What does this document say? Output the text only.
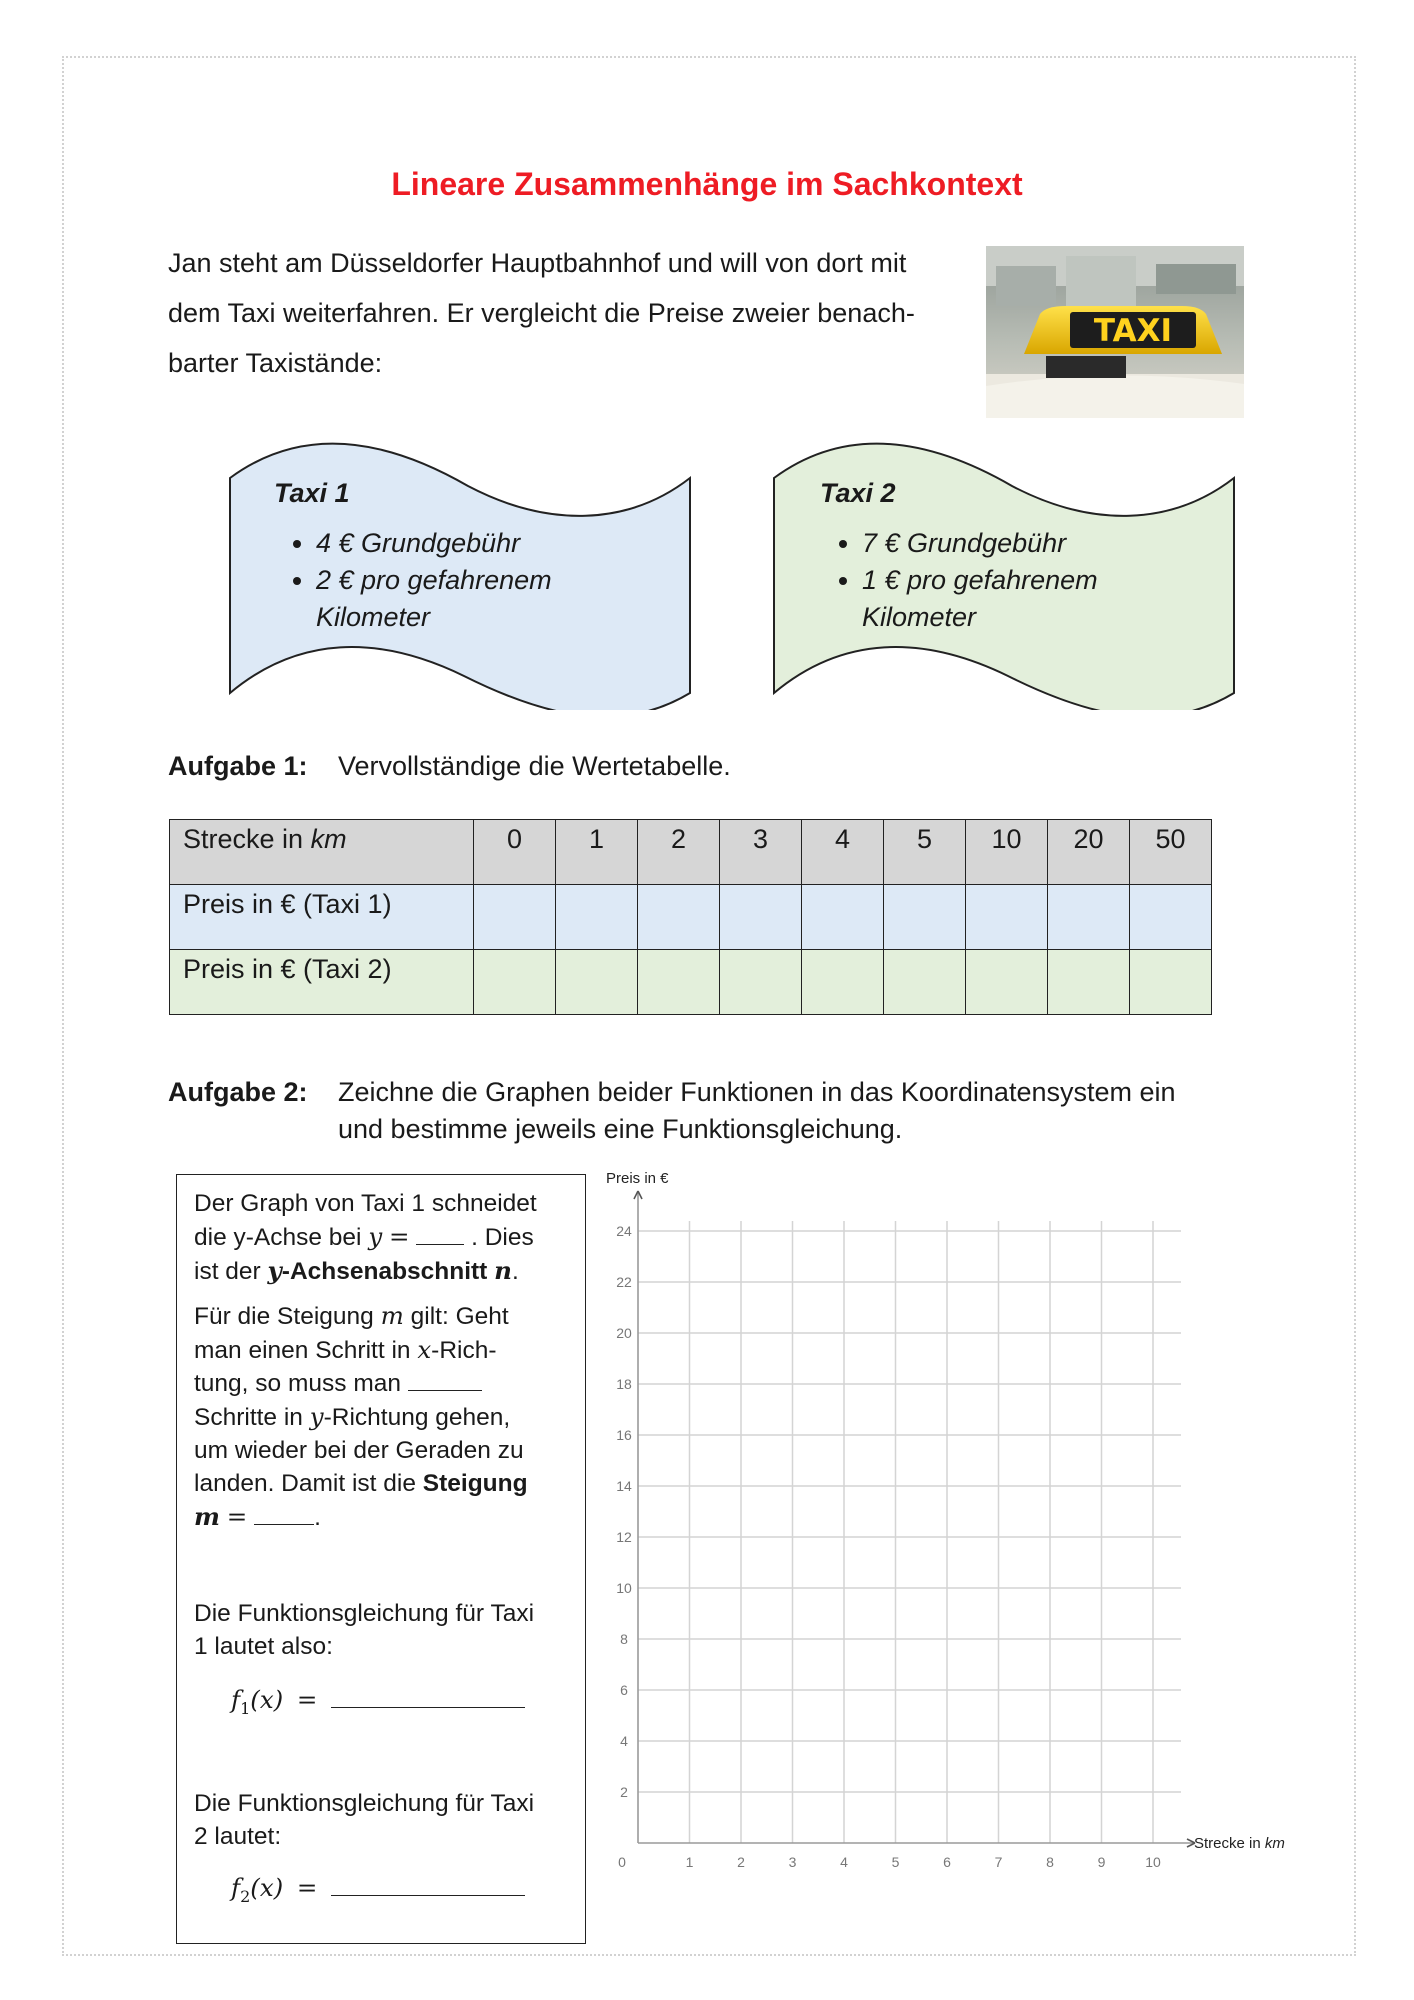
Lineare Zusammenhänge im Sachkontext
Jan steht am Düsseldorfer Hauptbahnhof und will von dort mit
dem Taxi weiterfahren. Er vergleicht die Preise zweier benach-
barter Taxistände:
TAXI
Taxi 1
• 4 € Grundgebühr
• 2 € pro gefahrenem
Kilometer
Taxi 2
• 7 € Grundgebühr
• 1 € pro gefahrenem
Kilometer
Aufgabe 1: Vervollständige die Wertetabelle.
Strecke in km	0	1	2	3	4	5	10	20	50
Preis in € (Taxi 1)									
Preis in € (Taxi 2)									
Aufgabe 2: Zeichne die Graphen beider Funktionen in das Koordinatensystem ein
und bestimme jeweils eine Funktionsgleichung.

Der Graph von Taxi 1 schneidet
die y-Achse bei y =  . Dies
ist der y-Achsenabschnitt n.

Für die Steigung m gilt: Geht
man einen Schritt in x-Rich-
tung, so muss man
Schritte in y-Richtung gehen,
um wieder bei der Geraden zu
landen. Damit ist die Steigung
m =	.

Die Funktionsgleichung für Taxi
1 lautet also:

$f_1(x)$ =

Die Funktionsgleichung für Taxi
2 lautet:

$f_2(x)$ =

0	1	2	3	4	5	6	7	8	9	10
2
4
6
8
10
12
14
16
18
20
22
24
Preis in €
Strecke in km
